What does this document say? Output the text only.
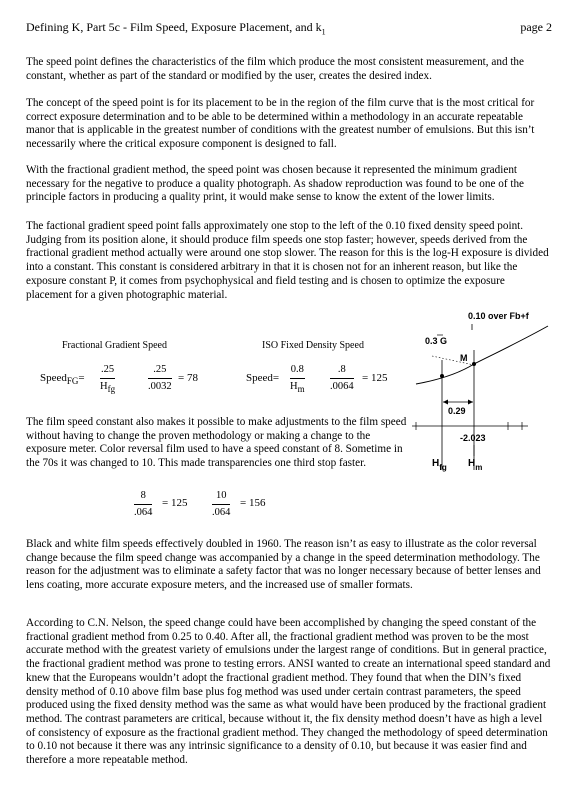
Defining K, Part 5c - Film Speed, Exposure Placement, and $k_1$	page 2

The speed point defines the characteristics of the film which produce the most consistent measurement, and the constant, whether as part of the standard or modified by the user, creates the desired index.

The concept of the speed point is for its placement to be in the region of the film curve that is the most critical for correct exposure determination and to be able to be determined within a methodology in an accurate repeatable manor that is applicable in the greatest number of conditions with the greatest number of emulsions. But this isn’t necessarily where the critical exposure component is designed to fall.

With the fractional gradient method, the speed point was chosen because it represented the minimum gradient necessary for the negative to produce a quality photograph. As shadow reproduction was found to be one of the principle factors in producing a quality print, it would make sense to know the extent of the lower limits.

The factional gradient speed point falls approximately one stop to the left of the 0.10 fixed density speed point. Judging from its position alone, it should produce film speeds one stop faster; however, speeds derived from the fractional gradient method actually were around one stop slower. The reason for this is the log-H exposure is divided into a constant. This constant is considered arbitrary in that it is chosen not for an inherent reason, but like the exposure constant P, it comes from psychophysical and field testing and is chosen to optimize the exposure placement for a given photographic material.

Fractional Gradient Speed	ISO Fixed Density Speed
Speed$_{FG}$=
.25
$H_{fg}$
.25
.0032
= 78	Speed=
0.8
$H_m$
.8
.0064
= 125

The film speed constant also makes it possible to make adjustments to the film speed without having to change the proven methodology or making a change to the exposure meter. Color reversal film used to have a speed constant of 8. Sometime in the 70s it was changed to 10. This made transparencies one third stop faster.

8
.064
= 125
10
.064
= 156
0.10 over Fb+f
0.3 G
M
0.29
-2.023
$H_{fg}$ $H_m$

Black and white film speeds effectively doubled in 1960. The reason isn’t as easy to illustrate as the color reversal change because the film speed change was accompanied by a change in the speed determination methodology. The reason for the adjustment was to eliminate a safety factor that was no longer necessary because of better lenses and lens coating, more accurate exposure meters, and the increased use of smaller formats.

According to C.N. Nelson, the speed change could have been accomplished by changing the speed constant of the fractional gradient method from 0.25 to 0.40. After all, the fractional gradient method was proven to be the most accurate method with the greatest variety of emulsions under the largest range of conditions. But in general practice, the fractional gradient method was prone to testing errors. ANSI wanted to create an international speed standard and knew that the Europeans wouldn’t adopt the fractional gradient method. They found that when the DIN’s fixed density method of 0.10 above film base plus fog method was used under certain contrast parameters, the speed produced using the fixed density method was the same as what would have been produced by the fractional gradient method. The contrast parameters are critical, because without it, the fix density method doesn’t have as high a level of consistency of exposure as the fractional gradient method. They changed the methodology of speed determination to 0.10 not because it there was any intrinsic significance to a density of 0.10, but because it was easier find and therefore a more repeatable method.
